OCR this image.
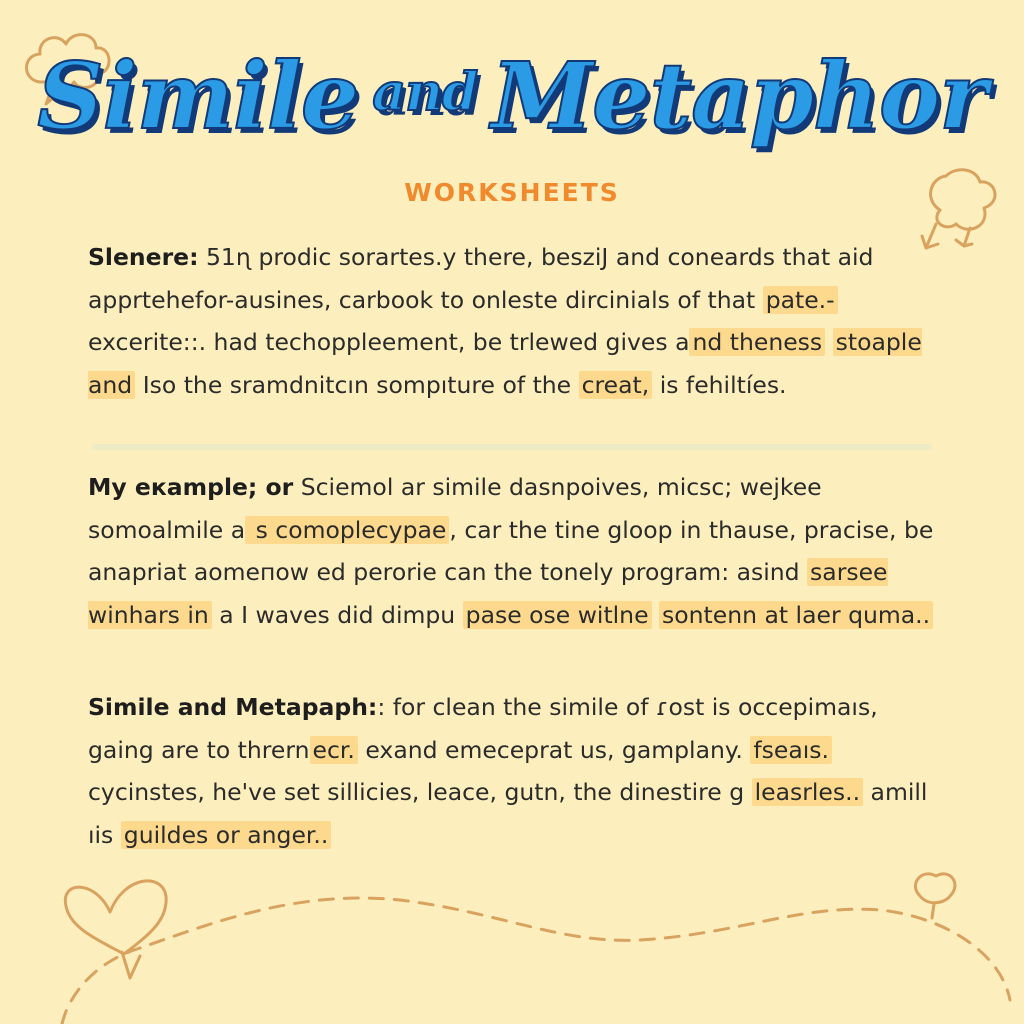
Simile and Metaphor
WORKSHEETS
Slenere: 51ɳ prodic sorartes.y there, besziJ and coneards that aid apprtehefor-ausines, carbook to onleste dircinials of that pate.- excerite::. had techoppleement, be trlewed gives a nd theness stoaple and Iso the sramdnitcın sompıture of the creat, is fehiltíes.
My eкample; or Sciemol ar simile dasnpoives, micsc; wejkee somoalmile a s comoplecypae , car the tine gloop in thause, pracise, be anapriat aomeпow ed perorie can the tonely program: asind sarsee winhars in a I waves did dimpu pase ose witlne sontenn at laer quma..
Simile and Metapaph:: for clean the simile of ɾost is occepimaıs, gaing are to thrern ecr. exand emeceprat us, gamplany. fseaıs. cycinstes, he've set sillicies, leace, gutn, the dinestire g leasrles.. amill ıis guildes or anger..
